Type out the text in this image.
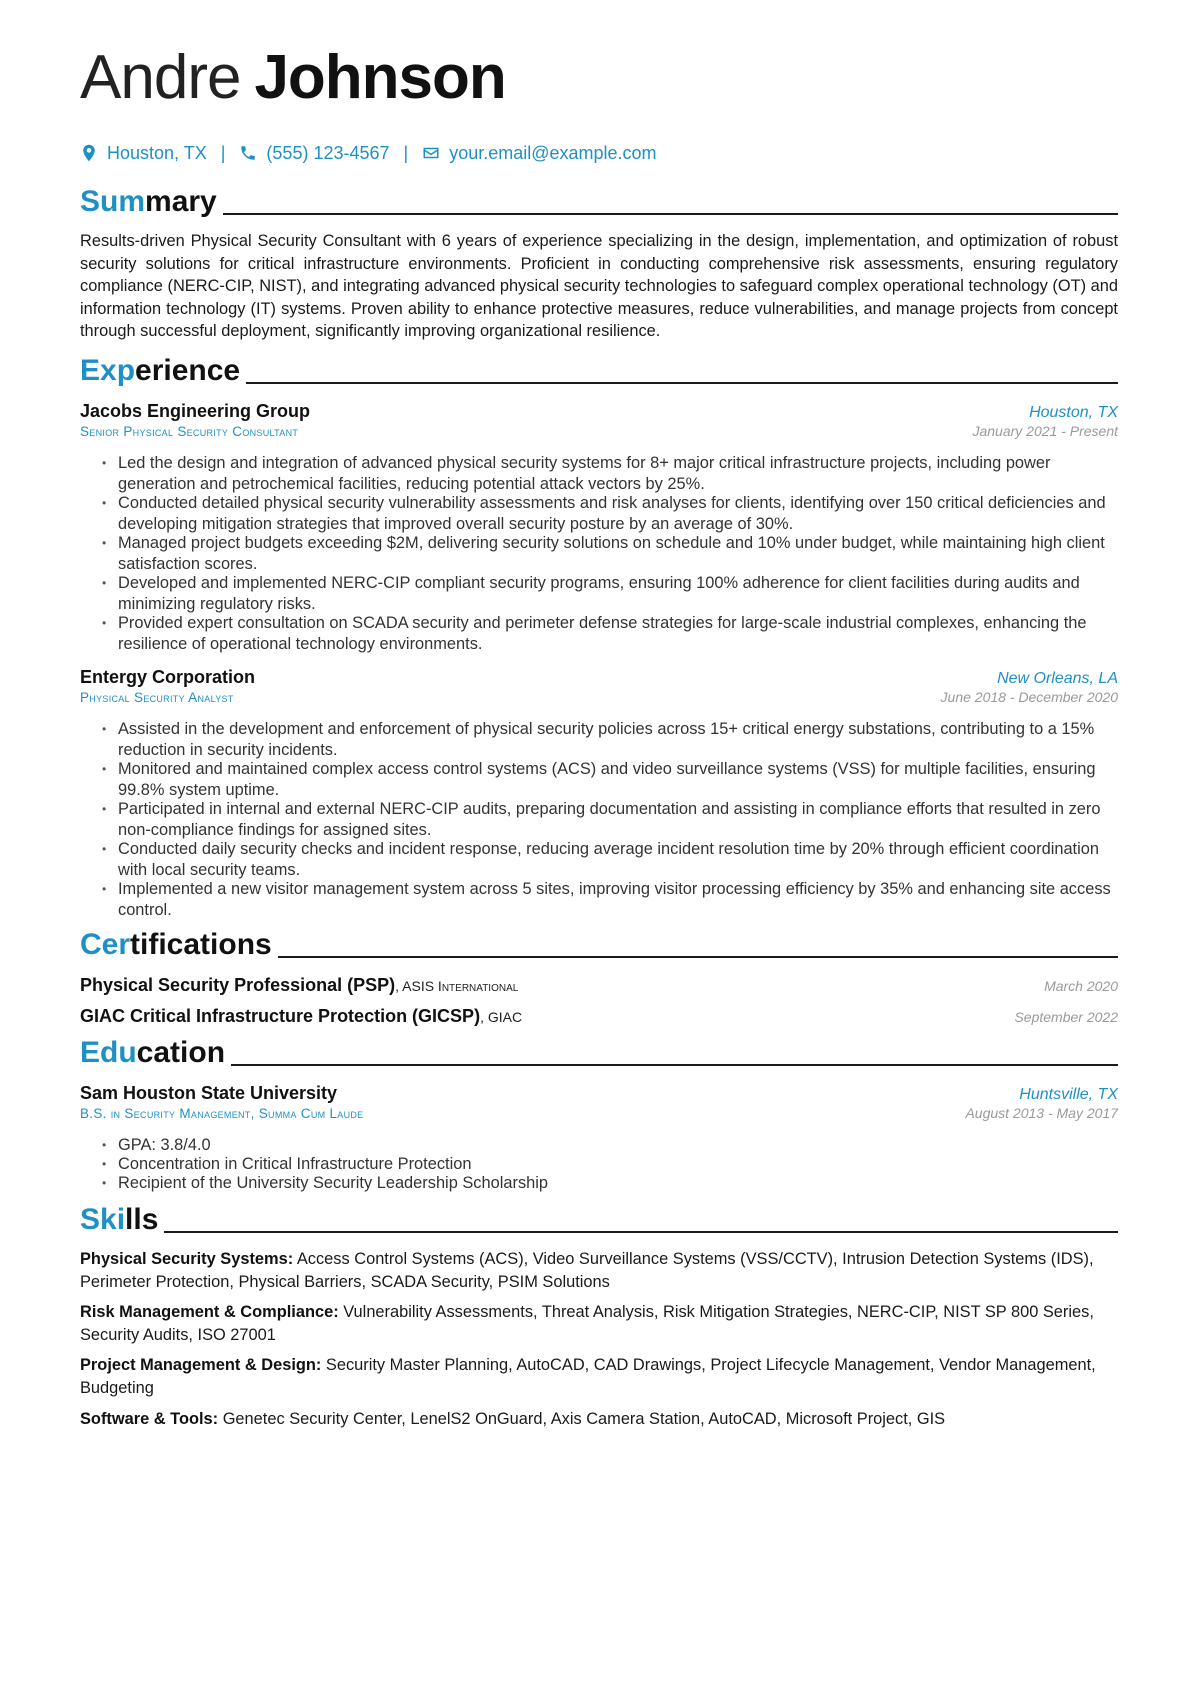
Andre Johnson
Houston, TX | (555) 123-4567 | your.email@example.com
Summary

Results-driven Physical Security Consultant with 6 years of experience specializing in the design, implementation, and optimization of robust security solutions for critical infrastructure environments. Proficient in conducting comprehensive risk assessments, ensuring regulatory compliance (NERC-CIP, NIST), and integrating advanced physical security technologies to safeguard complex operational technology (OT) and information technology (IT) systems. Proven ability to enhance protective measures, reduce vulnerabilities, and manage projects from concept through successful deployment, significantly improving organizational resilience.

Experience
Jacobs Engineering Group	Houston, TX
Senior Physical Security Consultant	January 2021 - Present
• Led the design and integration of advanced physical security systems for 8+ major critical infrastructure projects, including power generation and petrochemical facilities, reducing potential attack vectors by 25%.
• Conducted detailed physical security vulnerability assessments and risk analyses for clients, identifying over 150 critical deficiencies and developing mitigation strategies that improved overall security posture by an average of 30%.
• Managed project budgets exceeding $2M, delivering security solutions on schedule and 10% under budget, while maintaining high client satisfaction scores.
• Developed and implemented NERC-CIP compliant security programs, ensuring 100% adherence for client facilities during audits and minimizing regulatory risks.
• Provided expert consultation on SCADA security and perimeter defense strategies for large-scale industrial complexes, enhancing the resilience of operational technology environments.
Entergy Corporation	New Orleans, LA
Physical Security Analyst	June 2018 - December 2020
• Assisted in the development and enforcement of physical security policies across 15+ critical energy substations, contributing to a 15% reduction in security incidents.
• Monitored and maintained complex access control systems (ACS) and video surveillance systems (VSS) for multiple facilities, ensuring 99.8% system uptime.
• Participated in internal and external NERC-CIP audits, preparing documentation and assisting in compliance efforts that resulted in zero non-compliance findings for assigned sites.
• Conducted daily security checks and incident response, reducing average incident resolution time by 20% through efficient coordination with local security teams.
• Implemented a new visitor management system across 5 sites, improving visitor processing efficiency by 35% and enhancing site access control.
Certifications
Physical Security Professional (PSP), ASIS International	March 2020
GIAC Critical Infrastructure Protection (GICSP), GIAC	September 2022
Education
Sam Houston State University	Huntsville, TX
B.S. in Security Management, Summa Cum Laude	August 2013 - May 2017
• GPA: 3.8/4.0
• Concentration in Critical Infrastructure Protection
• Recipient of the University Security Leadership Scholarship
Skills

Physical Security Systems: Access Control Systems (ACS), Video Surveillance Systems (VSS/CCTV), Intrusion Detection Systems (IDS), Perimeter Protection, Physical Barriers, SCADA Security, PSIM Solutions

Risk Management & Compliance: Vulnerability Assessments, Threat Analysis, Risk Mitigation Strategies, NERC-CIP, NIST SP 800 Series, Security Audits, ISO 27001

Project Management & Design: Security Master Planning, AutoCAD, CAD Drawings, Project Lifecycle Management, Vendor Management, Budgeting

Software & Tools: Genetec Security Center, LenelS2 OnGuard, Axis Camera Station, AutoCAD, Microsoft Project, GIS
